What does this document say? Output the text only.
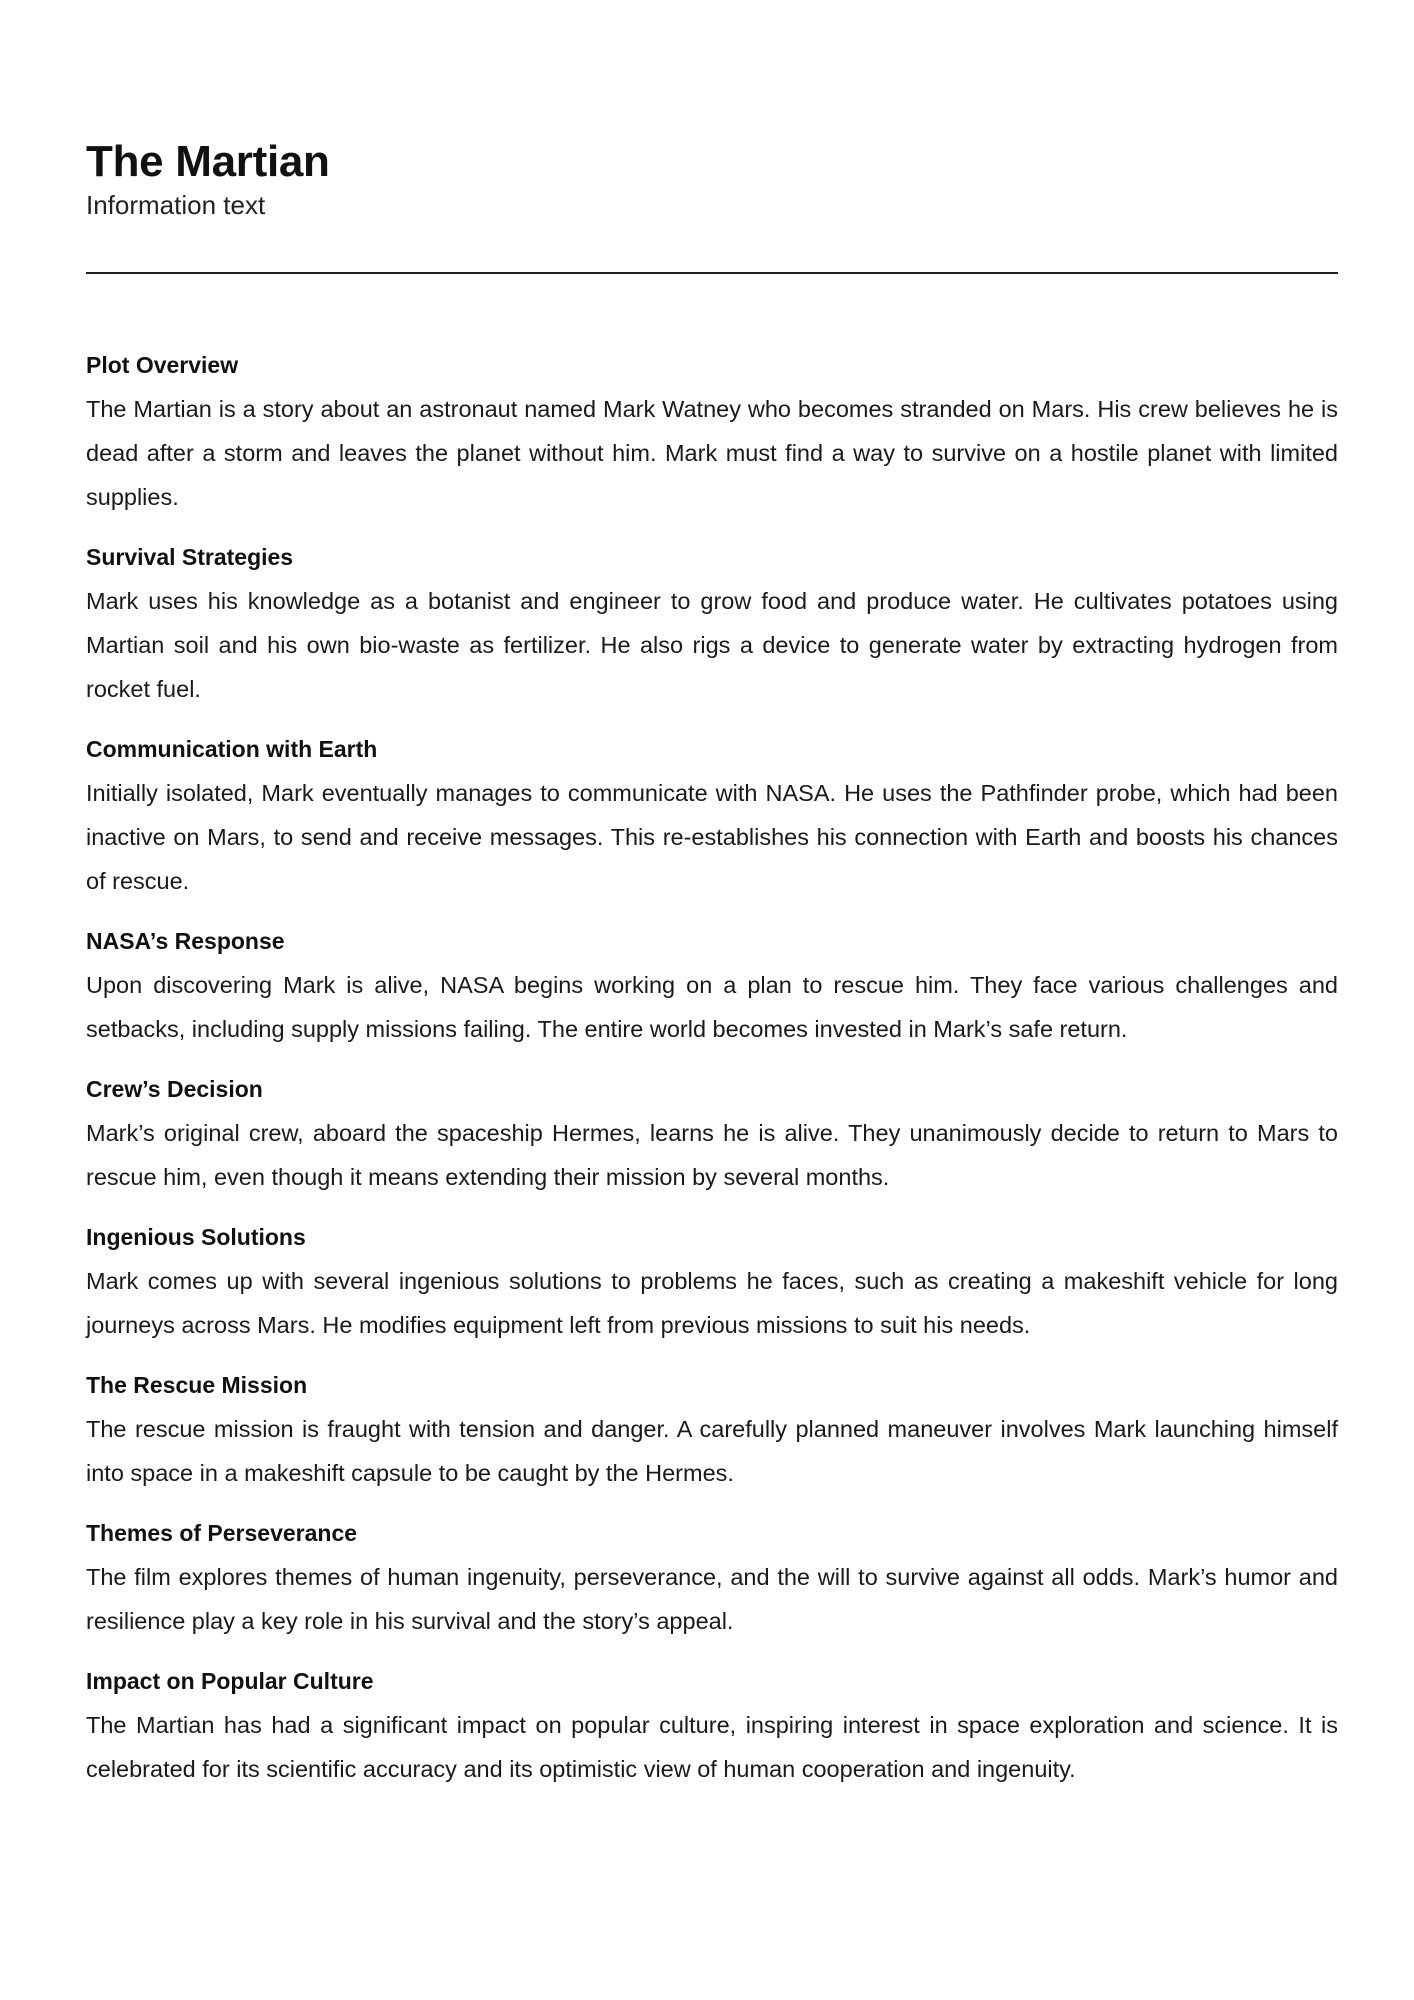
The Martian
Information text
Plot Overview

The Martian is a story about an astronaut named Mark Watney who becomes stranded on Mars. His crew believes he is dead after a storm and leaves the planet without him. Mark must find a way to survive on a hostile planet with limited supplies.

Survival Strategies

Mark uses his knowledge as a botanist and engineer to grow food and produce water. He cultivates potatoes using Martian soil and his own bio-waste as fertilizer. He also rigs a device to generate water by extracting hydrogen from rocket fuel.

Communication with Earth

Initially isolated, Mark eventually manages to communicate with NASA. He uses the Pathfinder probe, which had been inactive on Mars, to send and receive messages. This re-establishes his connection with Earth and boosts his chances of rescue.

NASA’s Response

Upon discovering Mark is alive, NASA begins working on a plan to rescue him. They face various challenges and setbacks, including supply missions failing. The entire world becomes invested in Mark’s safe return.

Crew’s Decision

Mark’s original crew, aboard the spaceship Hermes, learns he is alive. They unanimously decide to return to Mars to rescue him, even though it means extending their mission by several months.

Ingenious Solutions

Mark comes up with several ingenious solutions to problems he faces, such as creating a makeshift vehicle for long journeys across Mars. He modifies equipment left from previous missions to suit his needs.

The Rescue Mission

The rescue mission is fraught with tension and danger. A carefully planned maneuver involves Mark launching himself into space in a makeshift capsule to be caught by the Hermes.

Themes of Perseverance

The film explores themes of human ingenuity, perseverance, and the will to survive against all odds. Mark’s humor and resilience play a key role in his survival and the story’s appeal.

Impact on Popular Culture

The Martian has had a significant impact on popular culture, inspiring interest in space exploration and science. It is celebrated for its scientific accuracy and its optimistic view of human cooperation and ingenuity.
